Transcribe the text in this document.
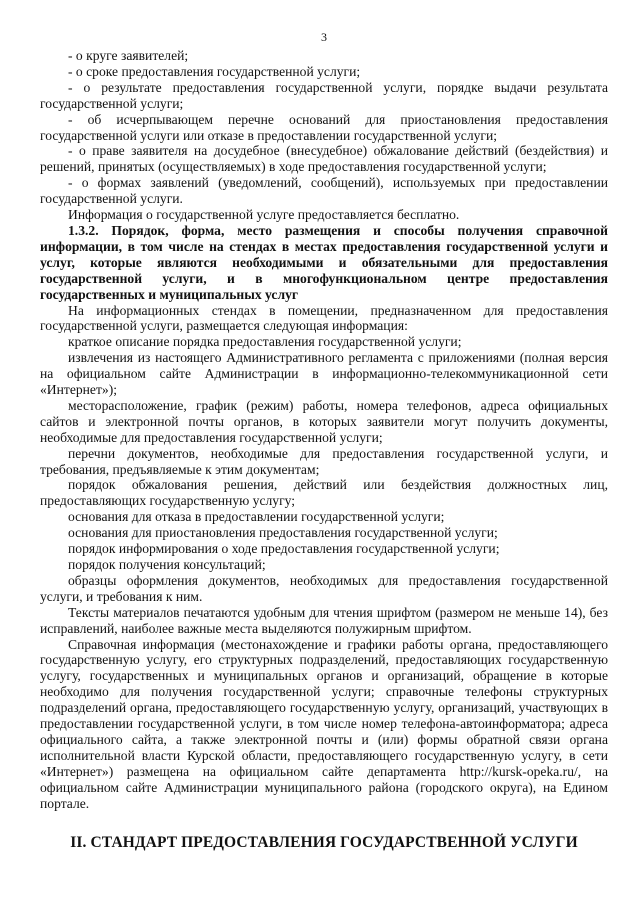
3

- о круге заявителей;

- о сроке предоставления государственной услуги;

- о результате предоставления государственной услуги, порядке выдачи результата государственной услуги;

- об исчерпывающем перечне оснований для приостановления предоставления государственной услуги или отказе в предоставлении государственной услуги;

- о праве заявителя на досудебное (внесудебное) обжалование действий (бездействия) и решений, принятых (осуществляемых) в ходе предоставления государственной услуги;

- о формах заявлений (уведомлений, сообщений), используемых при предоставлении государственной услуги.

Информация о государственной услуге предоставляется бесплатно.

1.3.2. Порядок, форма, место размещения и способы получения справочной информации, в том числе на стендах в местах предоставления государственной услуги и услуг, которые являются необходимыми и обязательными для предоставления государственной услуги, и в многофункциональном центре предоставления государственных и муниципальных услуг

На информационных стендах в помещении, предназначенном для предоставления государственной услуги, размещается следующая информация:

краткое описание порядка предоставления государственной услуги;

извлечения из настоящего Административного регламента с приложениями (полная версия на официальном сайте Администрации в информационно-телекоммуникационной сети «Интернет»);

месторасположение, график (режим) работы, номера телефонов, адреса официальных сайтов и электронной почты органов, в которых заявители могут получить документы, необходимые для предоставления государственной услуги;

перечни документов, необходимые для предоставления государственной услуги, и требования, предъявляемые к этим документам;

порядок обжалования решения, действий или бездействия должностных лиц, предоставляющих государственную услугу;

основания для отказа в предоставлении государственной услуги;

основания для приостановления предоставления государственной услуги;

порядок информирования о ходе предоставления государственной услуги;

порядок получения консультаций;

образцы оформления документов, необходимых для предоставления государственной услуги, и требования к ним.

Тексты материалов печатаются удобным для чтения шрифтом (размером не меньше 14), без исправлений, наиболее важные места выделяются полужирным шрифтом.

Справочная информация (местонахождение и графики работы органа, предоставляющего государственную услугу, его структурных подразделений, предоставляющих государственную услугу, государственных и муниципальных органов и организаций, обращение в которые необходимо для получения государственной услуги; справочные телефоны структурных подразделений органа, предоставляющего государственную услугу, организаций, участвующих в предоставлении государственной услуги, в том числе номер телефона-автоинформатора; адреса официального сайта, а также электронной почты и (или) формы обратной связи органа исполнительной власти Курской области, предоставляющего государственную услугу, в сети «Интернет») размещена на официальном сайте департамента http://kursk-opeka.ru/, на официальном сайте Администрации муниципального района (городского округа), на Едином портале.

II. СТАНДАРТ ПРЕДОСТАВЛЕНИЯ ГОСУДАРСТВЕННОЙ УСЛУГИ
